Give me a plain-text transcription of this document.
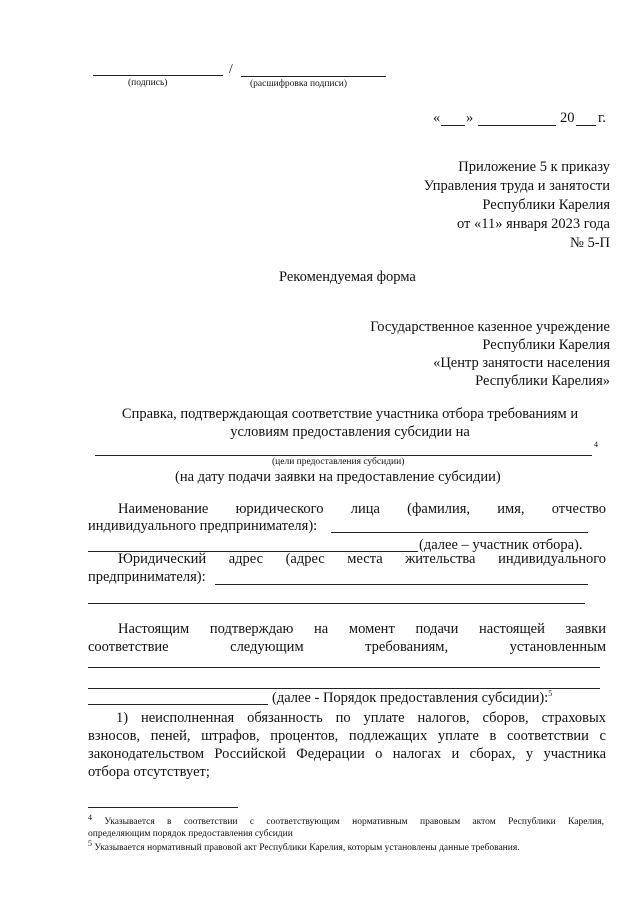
/
(подпись)	(расшифровка подписи)
« »	20 г.
Приложение 5 к приказу
Управления труда и занятости
Республики Карелия
от «11» января 2023 года
№ 5-П
Рекомендуемая форма
Государственное казенное учреждение
Республики Карелия
«Центр занятости населения
Республики Карелия»
Справка, подтверждающая соответствие участника отбора требованиям и
условиям предоставления субсидии на
4
(цели предоставления субсидии)
(на дату подачи заявки на предоставление субсидии)
Наименование юридического лица (фамилия, имя, отчество
индивидуального предпринимателя):
(далее – участник отбора).
Юридический адрес (адрес места жительства индивидуального
предпринимателя):
Настоящим подтверждаю на момент подачи настоящей заявки
соответствие	следующим	требованиям,	установленным
(далее - Порядок предоставления субсидии):$^5$
1) неисполненная обязанность по уплате налогов, сборов, страховых
взносов, пеней, штрафов, процентов, подлежащих уплате в соответствии с
законодательством Российской Федерации о налогах и сборах, у участника
отбора отсутствует;
$^4$ Указывается в соответствии с соответствующим нормативным правовым актом Республики Карелия,
определяющим порядок предоставления субсидии
$^5$ Указывается нормативный правовой акт Республики Карелия, которым установлены данные требования.
